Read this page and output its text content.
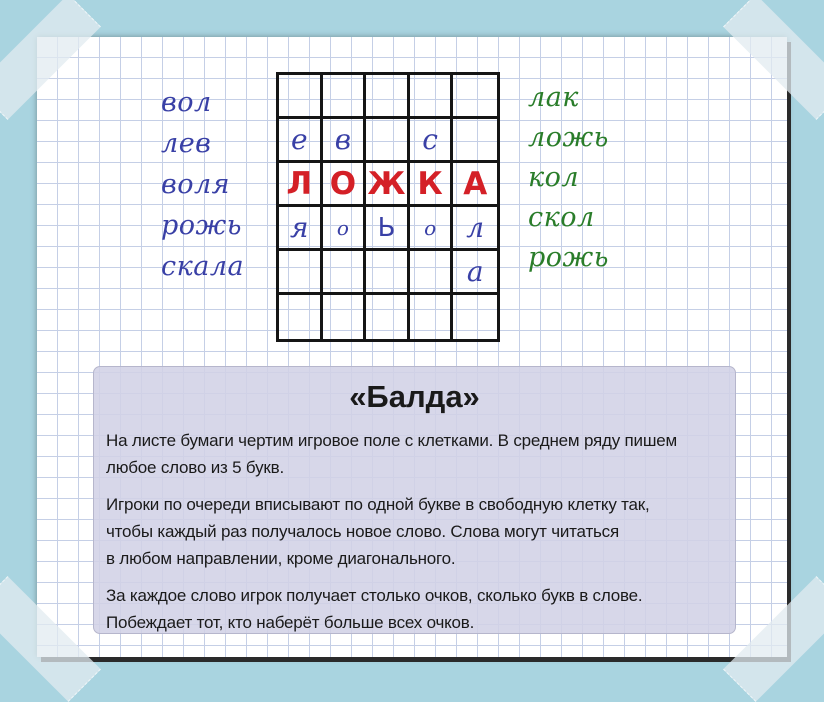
вол
лев
воля
рожь
скала
е в	с
Л О Ж К А
я о Ь о л
а
лак
ложь
кол
скол
рожь
«Балда»

На листе бумаги чертим игровое поле с клетками. В среднем ряду пишем
любое слово из 5 букв.

Игроки по очереди вписывают по одной букве в свободную клетку так,
чтобы каждый раз получалось новое слово. Слова могут читаться
в любом направлении, кроме диагонального.

За каждое слово игрок получает столько очков, сколько букв в слове.
Побеждает тот, кто наберёт больше всех очков.
